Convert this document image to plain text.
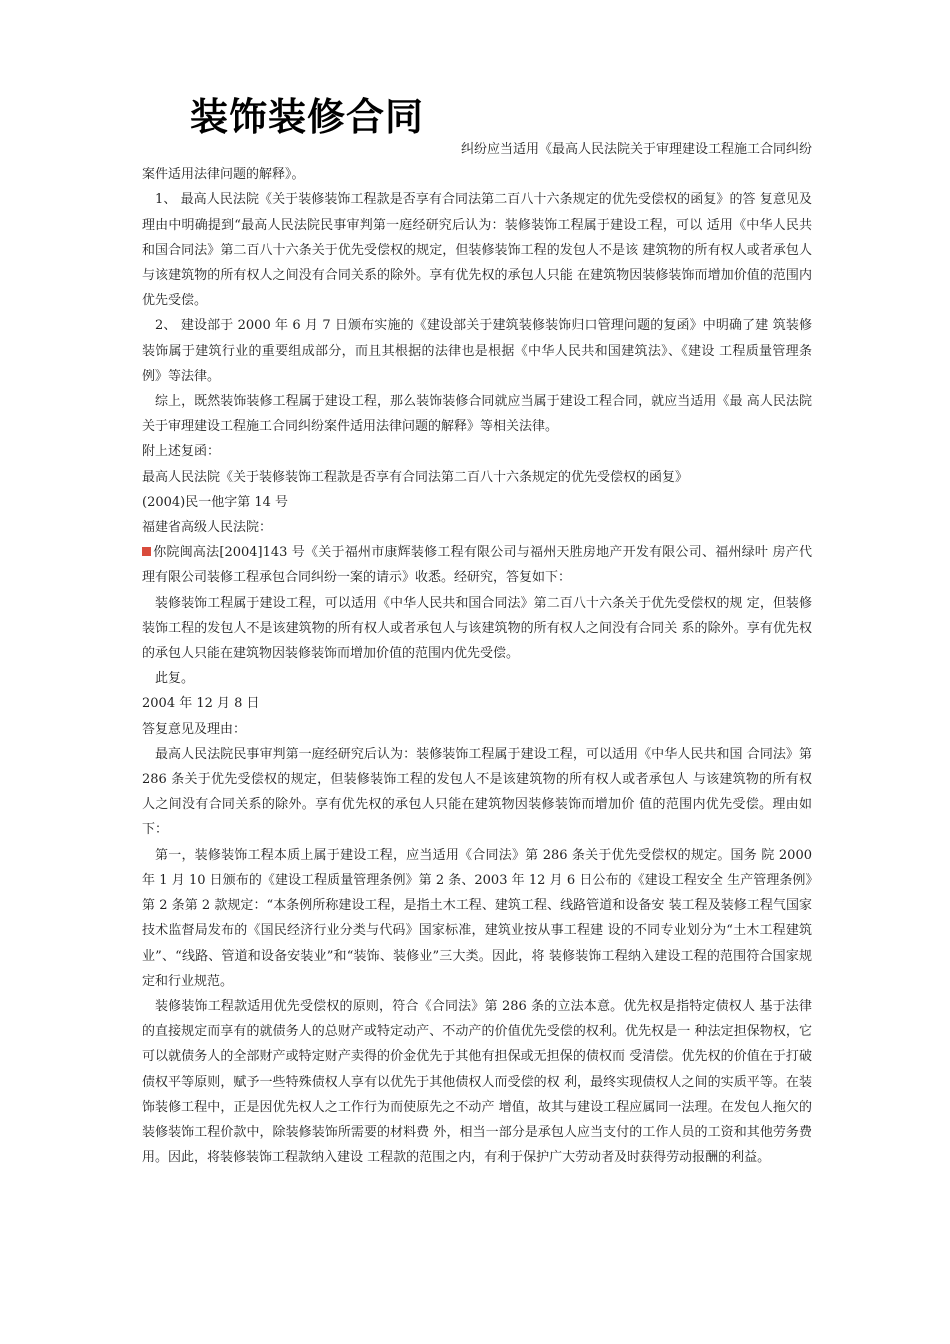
装饰装修合同

纠纷应当适用《最高人民法院关于审理建设工程施工合同纠纷

案件适用法律问题的解释》。

1、 最高人民法院《关于装修装饰工程款是否享有合同法第二百八十六条规定的优先受偿权的函复》的答 复意见及理由中明确提到“最高人民法院民事审判第一庭经研究后认为：装修装饰工程属于建设工程，可以 适用《中华人民共和国合同法》第二百八十六条关于优先受偿权的规定，但装修装饰工程的发包人不是该 建筑物的所有权人或者承包人与该建筑物的所有权人之间没有合同关系的除外。享有优先权的承包人只能 在建筑物因装修装饰而增加价值的范围内优先受偿。

2、 建设部于 2000 年 6 月 7 日颁布实施的《建设部关于建筑装修装饰归口管理问题的复函》中明确了建 筑装修装饰属于建筑行业的重要组成部分，而且其根据的法律也是根据《中华人民共和国建筑法》、《建设 工程质量管理条例》等法律。

综上，既然装饰装修工程属于建设工程，那么装饰装修合同就应当属于建设工程合同，就应当适用《最 高人民法院关于审理建设工程施工合同纠纷案件适用法律问题的解释》等相关法律。

附上述复函：

最高人民法院《关于装修装饰工程款是否享有合同法第二百八十六条规定的优先受偿权的函复》

(2004)民一他字第 14 号

福建省高级人民法院：

你院闽高法[2004]143 号《关于福州市康辉装修工程有限公司与福州天胜房地产开发有限公司、福州绿叶 房产代理有限公司装修工程承包合同纠纷一案的请示》收悉。经研究，答复如下：

装修装饰工程属于建设工程，可以适用《中华人民共和国合同法》第二百八十六条关于优先受偿权的规 定，但装修装饰工程的发包人不是该建筑物的所有权人或者承包人与该建筑物的所有权人之间没有合同关 系的除外。享有优先权的承包人只能在建筑物因装修装饰而增加价值的范围内优先受偿。

此复。

2004 年 12 月 8 日

答复意见及理由：

最高人民法院民事审判第一庭经研究后认为：装修装饰工程属于建设工程，可以适用《中华人民共和国 合同法》第 286 条关于优先受偿权的规定，但装修装饰工程的发包人不是该建筑物的所有权人或者承包人 与该建筑物的所有权人之间没有合同关系的除外。享有优先权的承包人只能在建筑物因装修装饰而增加价 值的范围内优先受偿。理由如下：

第一，装修装饰工程本质上属于建设工程，应当适用《合同法》第 286 条关于优先受偿权的规定。国务 院 2000 年 1 月 10 日颁布的《建设工程质量管理条例》第 2 条、2003 年 12 月 6 日公布的《建设工程安全 生产管理条例》第 2 条第 2 款规定：“本条例所称建设工程，是指土木工程、建筑工程、线路管道和设备安 装工程及装修工程气国家技术监督局发布的《国民经济行业分类与代码》国家标准，建筑业按从事工程建 设的不同专业划分为“土木工程建筑业”、“线路、管道和设备安装业”和“装饰、装修业”三大类。因此，将 装修装饰工程纳入建设工程的范围符合国家规定和行业规范。

装修装饰工程款适用优先受偿权的原则，符合《合同法》第 286 条的立法本意。优先权是指特定债权人 基于法律的直接规定而享有的就债务人的总财产或特定动产、不动产的价值优先受偿的权利。优先权是一 种法定担保物权，它可以就债务人的全部财产或特定财产卖得的价金优先于其他有担保或无担保的债权而 受清偿。优先权的价值在于打破债权平等原则，赋予一些特殊债权人享有以优先于其他债权人而受偿的权 利，最终实现债权人之间的实质平等。在装饰装修工程中，正是因优先权人之工作行为而使原先之不动产 增值，故其与建设工程应属同一法理。在发包人拖欠的装修装饰工程价款中，除装修装饰所需要的材料费 外，相当一部分是承包人应当支付的工作人员的工资和其他劳务费用。因此，将装修装饰工程款纳入建设 工程款的范围之内，有利于保护广大劳动者及时获得劳动报酬的利益。
